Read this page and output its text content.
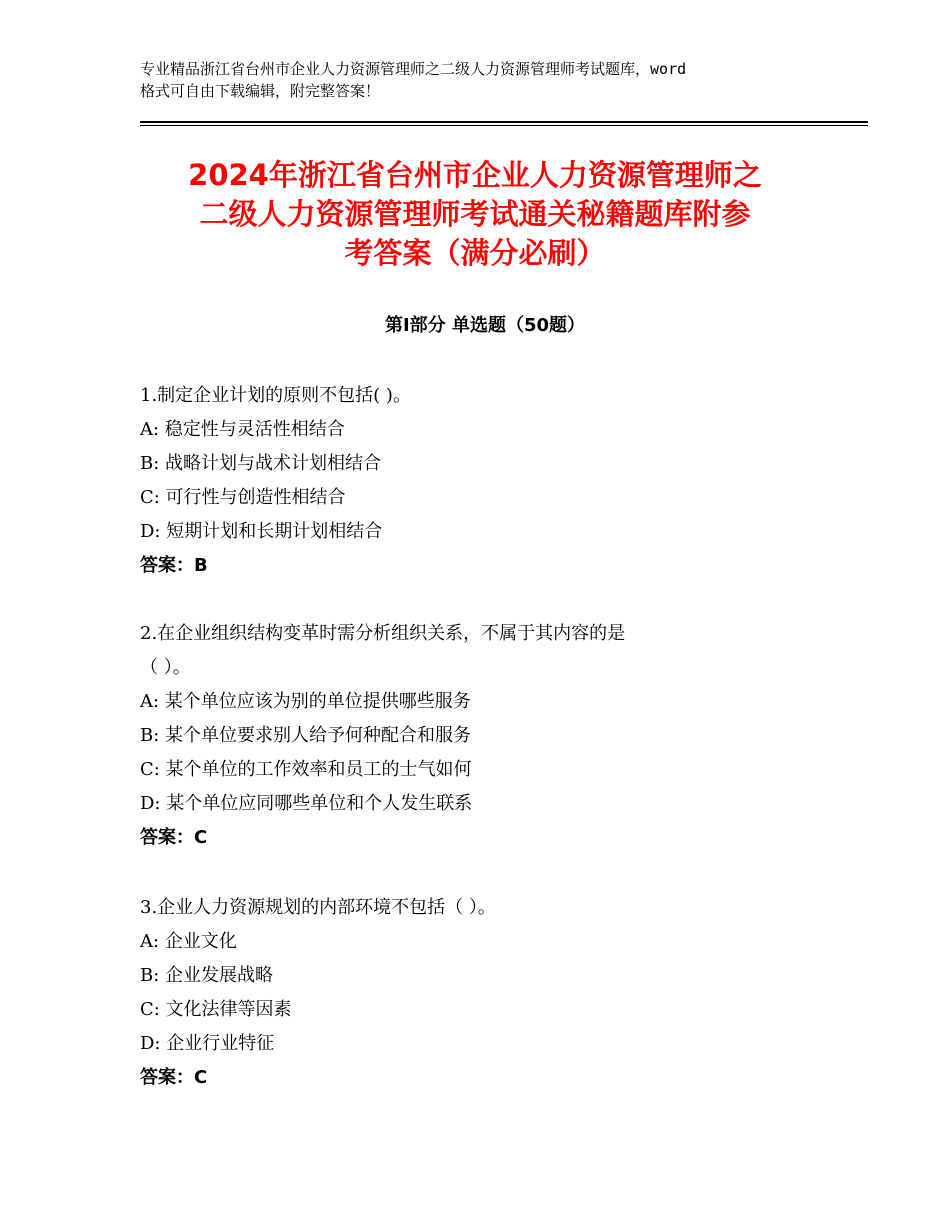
专业精品浙江省台州市企业人力资源管理师之二级人力资源管理师考试题库，word
格式可自由下载编辑，附完整答案！
2024年浙江省台州市企业人力资源管理师之
二级人力资源管理师考试通关秘籍题库附参
考答案（满分必刷）
第Ⅰ部分 单选题（50题）
1.制定企业计划的原则不包括( )。
A: 稳定性与灵活性相结合
B: 战略计划与战术计划相结合
C: 可行性与创造性相结合
D: 短期计划和长期计划相结合
答案：B
2.在企业组织结构变革时需分析组织关系，不属于其内容的是
（ ）。
A: 某个单位应该为别的单位提供哪些服务
B: 某个单位要求别人给予何种配合和服务
C: 某个单位的工作效率和员工的士气如何
D: 某个单位应同哪些单位和个人发生联系
答案：C
3.企业人力资源规划的内部环境不包括（ ）。
A: 企业文化
B: 企业发展战略
C: 文化法律等因素
D: 企业行业特征
答案：C
